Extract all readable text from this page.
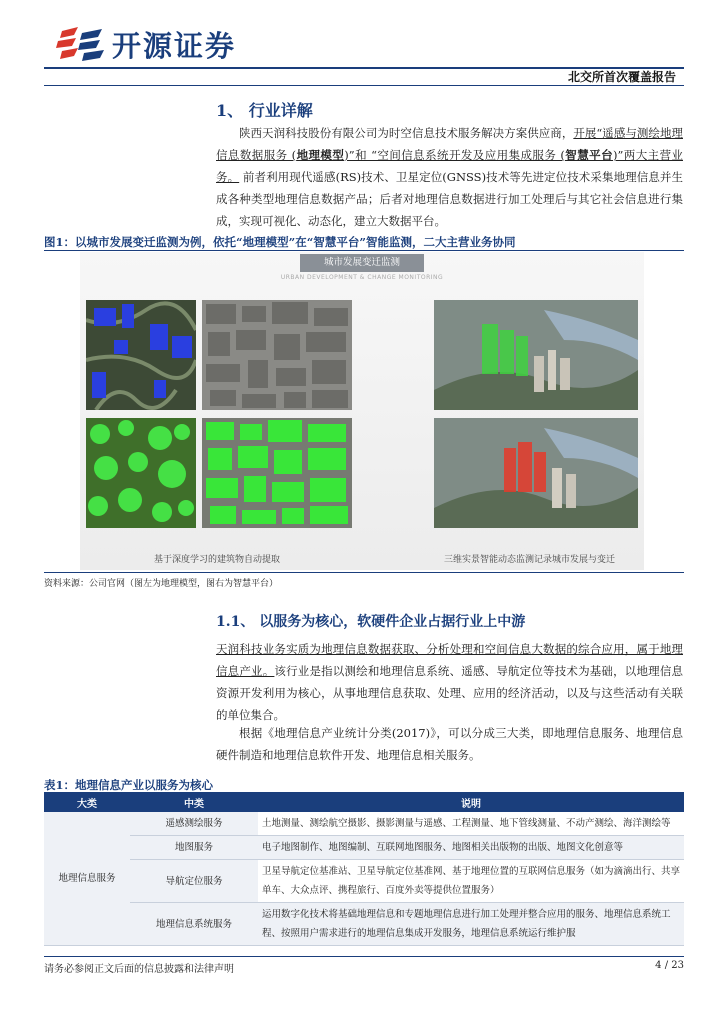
开源证券
北交所首次覆盖报告
1、 行业详解
陕西天润科技股份有限公司为时空信息技术服务解决方案供应商，开展“遥感与测绘地理信息数据服务 (地理模型)”和 “空间信息系统开发及应用集成服务 (智慧平台)”两大主营业务。 前者利用现代遥感(RS)技术、卫星定位(GNSS)技术等先进定位技术采集地理信息并生成各种类型地理信息数据产品；后者对地理信息数据进行加工处理后与其它社会信息进行集成，实现可视化、动态化，建立大数据平台。
图1：以城市发展变迁监测为例，依托“地理模型”在“智慧平台”智能监测，二大主营业务协同
城市发展变迁监测
URBAN DEVELOPMENT & CHANGE MONITORING
基于深度学习的建筑物自动提取	三维实景智能动态监测记录城市发展与变迁
资料来源：公司官网（图左为地理模型，图右为智慧平台）
1.1、 以服务为核心，软硬件企业占据行业上中游
天润科技业务实质为地理信息数据获取、分析处理和空间信息大数据的综合应用，属于地理信息产业。该行业是指以测绘和地理信息系统、遥感、导航定位等技术为基础，以地理信息资源开发利用为核心，从事地理信息获取、处理、应用的经济活动，以及与这些活动有关联的单位集合。
根据《地理信息产业统计分类(2017)》，可以分成三大类，即地理信息服务、地理信息硬件制造和地理信息软件开发、地理信息相关服务。
表1：地理信息产业以服务为核心
大类	中类	说明
地理信息服务	遥感测绘服务	土地测量、测绘航空摄影、摄影测量与遥感、工程测量、地下管线测量、不动产测绘、海洋测绘等
	地图服务	电子地图制作、地图编制、互联网地图服务、地图相关出版物的出版、地图文化创意等
	导航定位服务	卫星导航定位基准站、卫星导航定位基准网、基于地理位置的互联网信息服务（如为滴滴出行、共享单车、大众点评、携程旅行、百度外卖等提供位置服务）
	地理信息系统服务	运用数字化技术将基础地理信息和专题地理信息进行加工处理并整合应用的服务、地理信息系统工程、按照用户需求进行的地理信息集成开发服务，地理信息系统运行维护服
请务必参阅正文后面的信息披露和法律声明	4 / 23
